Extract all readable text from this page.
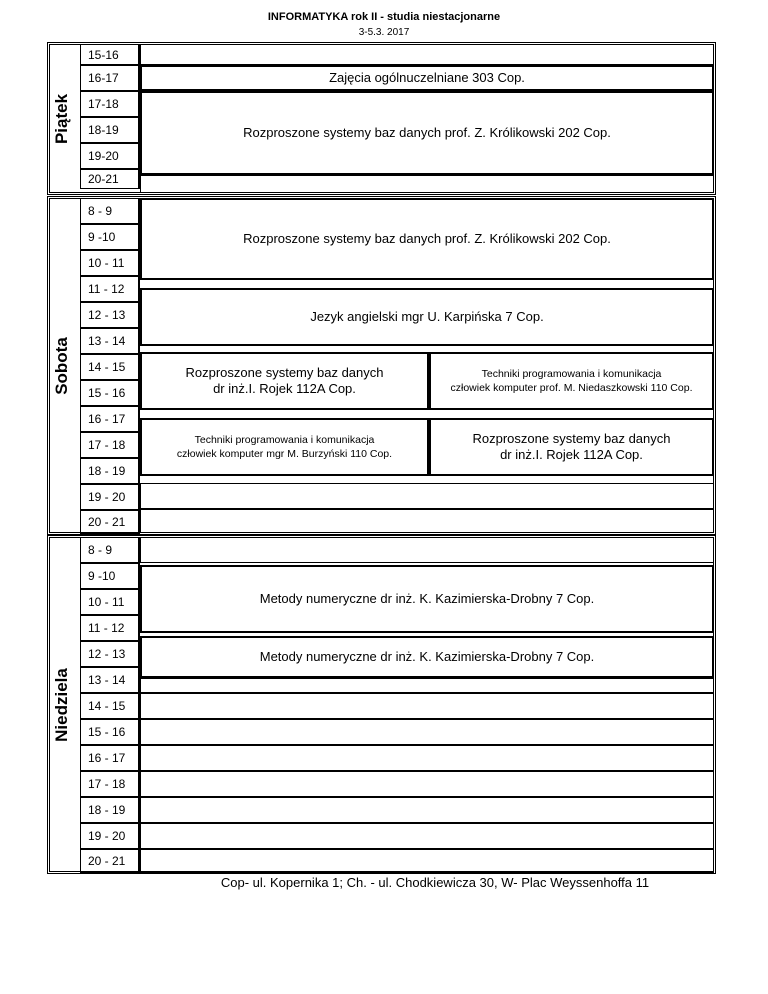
INFORMATYKA rok II - studia niestacjonarne
3-5.3. 2017
Piątek
Sobota
Niedziela
15-16
16-17
17-18
18-19
19-20
20-21
8 - 9
9 -10
10 - 11
11 - 12
12 - 13
13 - 14
14 - 15
15 - 16
16 - 17
17 - 18
18 - 19
19 - 20
20 - 21
8 - 9
9 -10
10 - 11
11 - 12
12 - 13
13 - 14
14 - 15
15 - 16
16 - 17
17 - 18
18 - 19
19 - 20
20 - 21
Zajęcia ogólnuczelniane 303 Cop.
Rozproszone systemy baz danych prof. Z. Królikowski 202 Cop.
Rozproszone systemy baz danych prof. Z. Królikowski 202 Cop.
Jezyk angielski mgr U. Karpińska 7 Cop.
Rozproszone systemy baz danych
dr inż.I. Rojek 112A Cop.
Techniki programowania i komunikacja
człowiek komputer prof. M. Niedaszkowski 110 Cop.
Techniki programowania i komunikacja
człowiek komputer mgr M. Burzyński 110 Cop.
Rozproszone systemy baz danych
dr inż.I. Rojek 112A Cop.
Metody numeryczne dr inż. K. Kazimierska-Drobny 7 Cop.
Metody numeryczne dr inż. K. Kazimierska-Drobny 7 Cop.
Cop- ul. Kopernika 1; Ch. - ul. Chodkiewicza 30, W- Plac Weyssenhoffa 11
